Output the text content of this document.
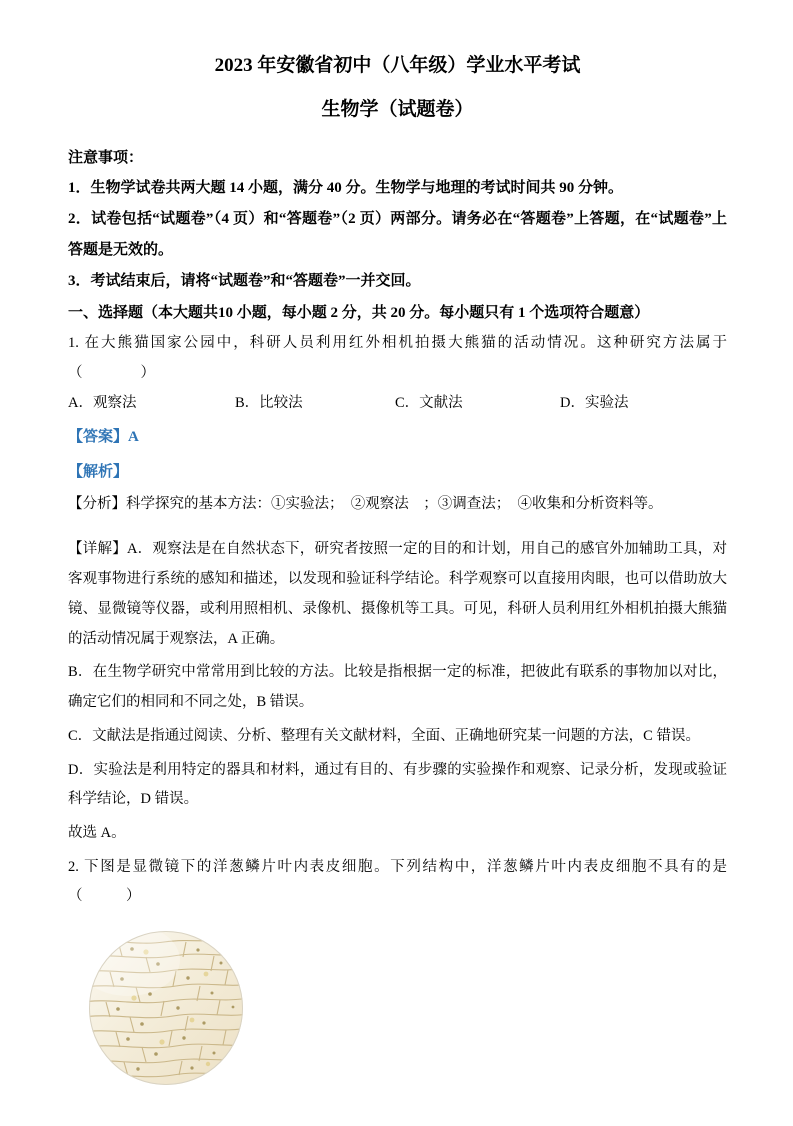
2023 年安徽省初中（八年级）学业水平考试
生物学（试题卷）

注意事项：

1．生物学试卷共两大题 14 小题，满分 40 分。生物学与地理的考试时间共 90 分钟。

2．试卷包括“试题卷”（4 页）和“答题卷”（2 页）两部分。请务必在“答题卷”上答题，在“试题卷”上答题是无效的。

3．考试结束后，请将“试题卷”和“答题卷”一并交回。

一、选择题（本大题共10 小题，每小题 2 分，共 20 分。每小题只有 1 个选项符合题意）

1. 在大熊猫国家公园中，科研人员利用红外相机拍摄大熊猫的活动情况。这种研究方法属于（　　　　）

A．观察法	B．比较法	C．文献法	D．实验法

【答案】A

【解析】

【分析】科学探究的基本方法：①实验法；　②观察法　；③调查法；　④收集和分析资料等。

【详解】A．观察法是在自然状态下，研究者按照一定的目的和计划，用自己的感官外加辅助工具，对客观事物进行系统的感知和描述，以发现和验证科学结论。科学观察可以直接用肉眼，也可以借助放大镜、显微镜等仪器，或利用照相机、录像机、摄像机等工具。可见，科研人员利用红外相机拍摄大熊猫的活动情况属于观察法，A 正确。

B．在生物学研究中常常用到比较的方法。比较是指根据一定的标准，把彼此有联系的事物加以对比，确定它们的相同和不同之处，B 错误。

C．文献法是指通过阅读、分析、整理有关文献材料，全面、正确地研究某一问题的方法，C 错误。

D．实验法是利用特定的器具和材料，通过有目的、有步骤的实验操作和观察、记录分析，发现或验证科学结论，D 错误。

故选 A。

2. 下图是显微镜下的洋葱鳞片叶内表皮细胞。下列结构中，洋葱鳞片叶内表皮细胞不具有的是（　　　）
